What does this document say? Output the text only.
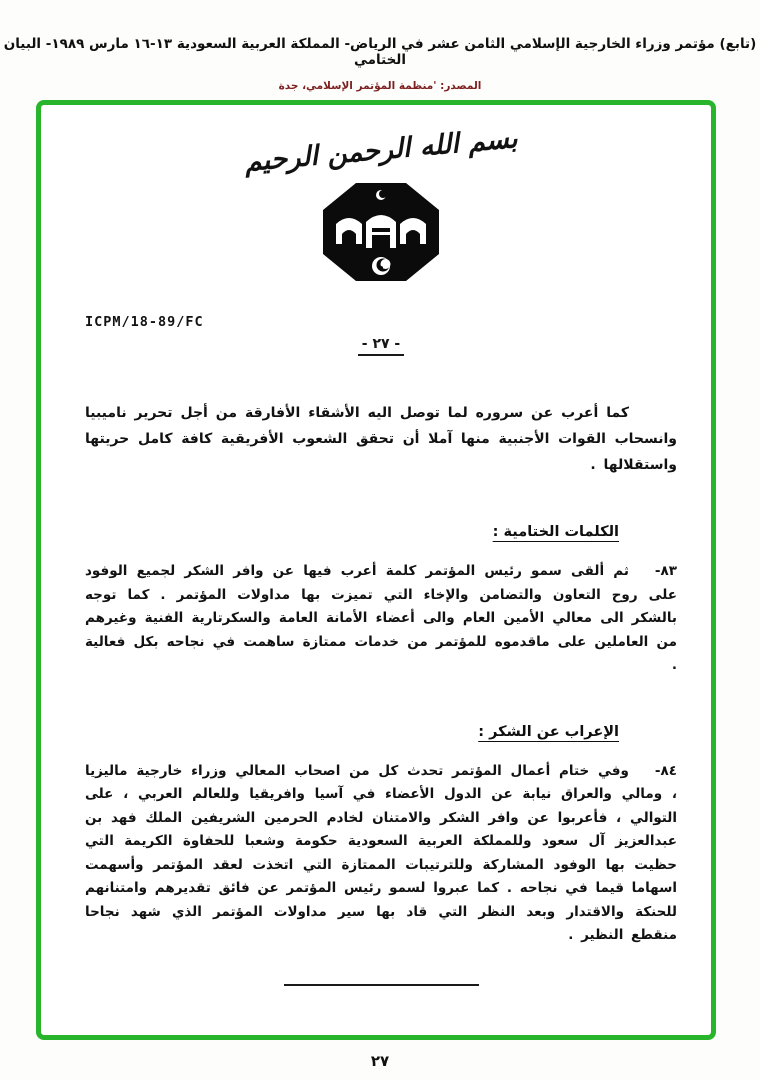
(تابع) مؤتمر وزراء الخارجية الإسلامي الثامن عشر في الرياض- المملكة العربية السعودية ١٣-١٦ مارس ١٩٨٩- البيان الختامي
المصدر: 'منظمة المؤتمر الإسلامي، جدة
بسم الله الرحمن الرحيم
ICPM/18-89/FC
- ٢٧ -

كما أعرب عن سروره لما توصل اليه الأشقاء الأفارقة من أجل تحرير ناميبيا وانسحاب القوات الأجنبية منها آملا أن تحقق الشعوب الأفريقية كافة كامل حريتها واستقلالها .

الكلمات الختامية :

٨٣-ثم ألقى سمو رئيس المؤتمر كلمة أعرب فيها عن وافر الشكر لجميع الوفود على روح التعاون والتضامن والإخاء التي تميزت بها مداولات المؤتمر . كما توجه بالشكر الى معالي الأمين العام والى أعضاء الأمانة العامة والسكرتارية الفنية وغيرهم من العاملين على ماقدموه للمؤتمر من خدمات ممتازة ساهمت في نجاحه بكل فعالية .

الإعراب عن الشكر :

٨٤-وفي ختام أعمال المؤتمر تحدث كل من اصحاب المعالي وزراء خارجية ماليزيا ، ومالي والعراق نيابة عن الدول الأعضاء في آسيا وافريقيا وللعالم العربي ، على التوالي ، فأعربوا عن وافر الشكر والامتنان لخادم الحرمين الشريفين الملك فهد بن عبدالعزيز آل سعود وللمملكة العربية السعودية حكومة وشعبا للحفاوة الكريمة التي حظيت بها الوفود المشاركة وللترتيبات الممتازة التي اتخذت لعقد المؤتمر وأسهمت اسهاما قيما في نجاحه . كما عبروا لسمو رئيس المؤتمر عن فائق تقديرهم وامتنانهم للحنكة والاقتدار وبعد النظر التي قاد بها سير مداولات المؤتمر الذي شهد نجاحا منقطع النظير .

٢٧
